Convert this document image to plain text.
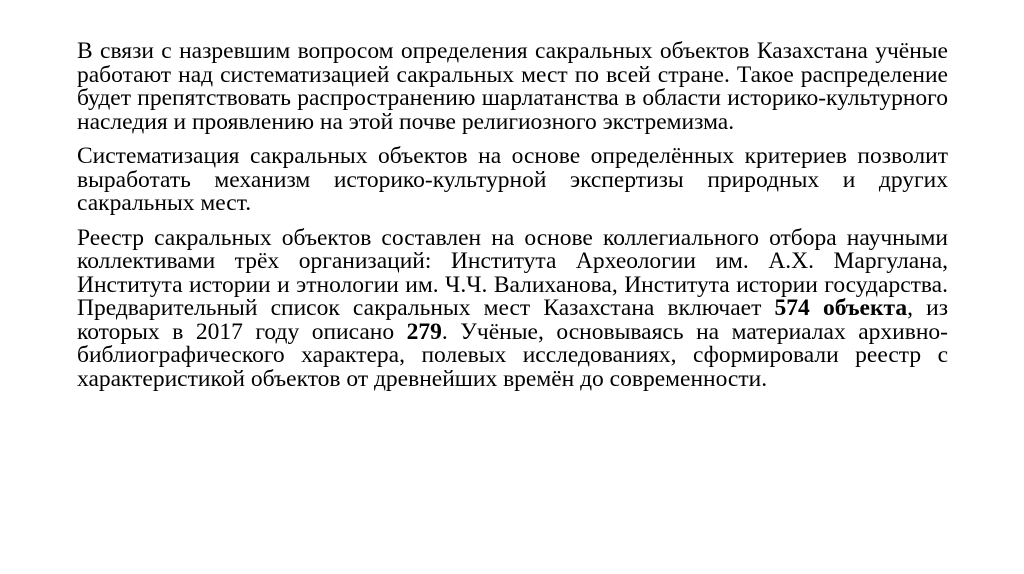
В связи с назревшим вопросом определения сакральных объектов Казахстана учёные работают над систематизацией сакральных мест по всей стране. Такое распределение будет препятствовать распространению шарлатанства в области историко-культурного наследия и проявлению на этой почве религиозного экстремизма.

Систематизация сакральных объектов на основе определённых критериев позволит выработать механизм историко-культурной экспертизы природных и других сакральных мест.

Реестр сакральных объектов составлен на основе коллегиального отбора научными коллективами трёх организаций: Института Археологии им. А.Х. Маргулана, Института истории и этнологии им. Ч.Ч. Валиханова, Института истории государства. Предварительный список сакральных мест Казахстана включает 574 объекта, из которых в 2017 году описано 279. Учёные, основываясь на материалах архивно-библиографического характера, полевых исследованиях, сформировали реестр с характеристикой объектов от древнейших времён до современности.
